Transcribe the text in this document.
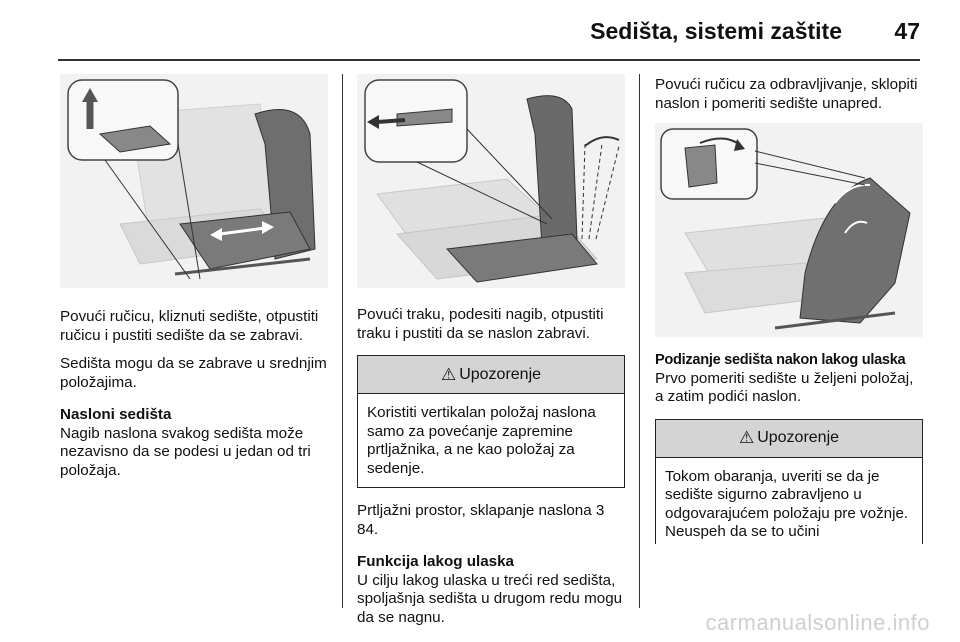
Sedišta, sistemi zaštite 47

Povući ručicu, kliznuti sedište, otpustiti ručicu i pustiti sedište da se zabravi.

Sedišta mogu da se zabrave u srednjim položajima.

Nasloni sedišta

Nagib naslona svakog sedišta može nezavisno da se podesi u jedan od tri položaja.

Povući traku, podesiti nagib, otpustiti traku i pustiti da se naslon zabravi.

⚠ Upozorenje
Koristiti vertikalan položaj naslona samo za povećanje zapremine prtljažnika, a ne kao položaj za sedenje.

Prtljažni prostor, sklapanje naslona 3 84.

Funkcija lakog ulaska

U cilju lakog ulaska u treći red sedišta, spoljašnja sedišta u drugom redu mogu da se nagnu.

Povući ručicu za odbravljivanje, sklopiti naslon i pomeriti sedište unapred.

Podizanje sedišta nakon lakog ulaska

Prvo pomeriti sedište u željeni položaj, a zatim podići naslon.

⚠ Upozorenje
Tokom obaranja, uveriti se da je sedište sigurno zabravljeno u odgovarajućem položaju pre vožnje. Neuspeh da se to učini
carmanualsonline.info
